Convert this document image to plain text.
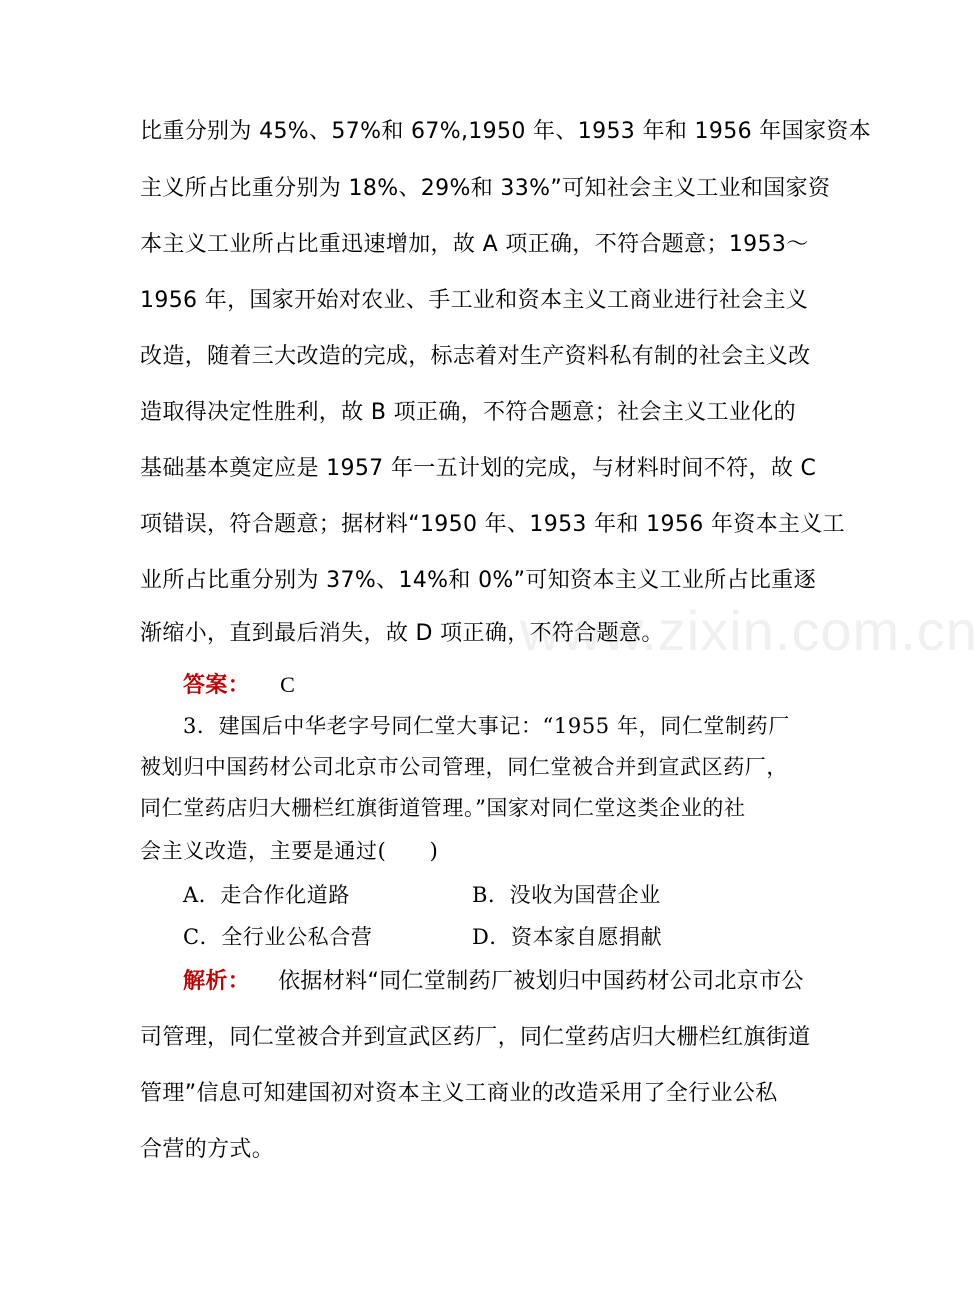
www.zixin.com.cn
比重分别为 45%、57%和 67%,1950 年、1953 年和 1956 年国家资本
主义所占比重分别为 18%、29%和 33%”可知社会主义工业和国家资
本主义工业所占比重迅速增加，故 A 项正确，不符合题意；1953～
1956 年，国家开始对农业、手工业和资本主义工商业进行社会主义
改造，随着三大改造的完成，标志着对生产资料私有制的社会主义改
造取得决定性胜利，故 B 项正确，不符合题意；社会主义工业化的
基础基本奠定应是 1957 年一五计划的完成，与材料时间不符，故 C
项错误，符合题意；据材料“1950 年、1953 年和 1956 年资本主义工
业所占比重分别为 37%、14%和 0%”可知资本主义工业所占比重逐
渐缩小，直到最后消失，故 D 项正确，不符合题意。
答案： C
3．建国后中华老字号同仁堂大事记：“1955 年，同仁堂制药厂
被划归中国药材公司北京市公司管理，同仁堂被合并到宣武区药厂，
同仁堂药店归大栅栏红旗街道管理。”国家对同仁堂这类企业的社
会主义改造，主要是通过(　　)
A．走合作化道路	B．没收为国营企业
C．全行业公私合营	D．资本家自愿捐献
解析： 依据材料“同仁堂制药厂被划归中国药材公司北京市公
司管理，同仁堂被合并到宣武区药厂，同仁堂药店归大栅栏红旗街道
管理”信息可知建国初对资本主义工商业的改造采用了全行业公私
合营的方式。
